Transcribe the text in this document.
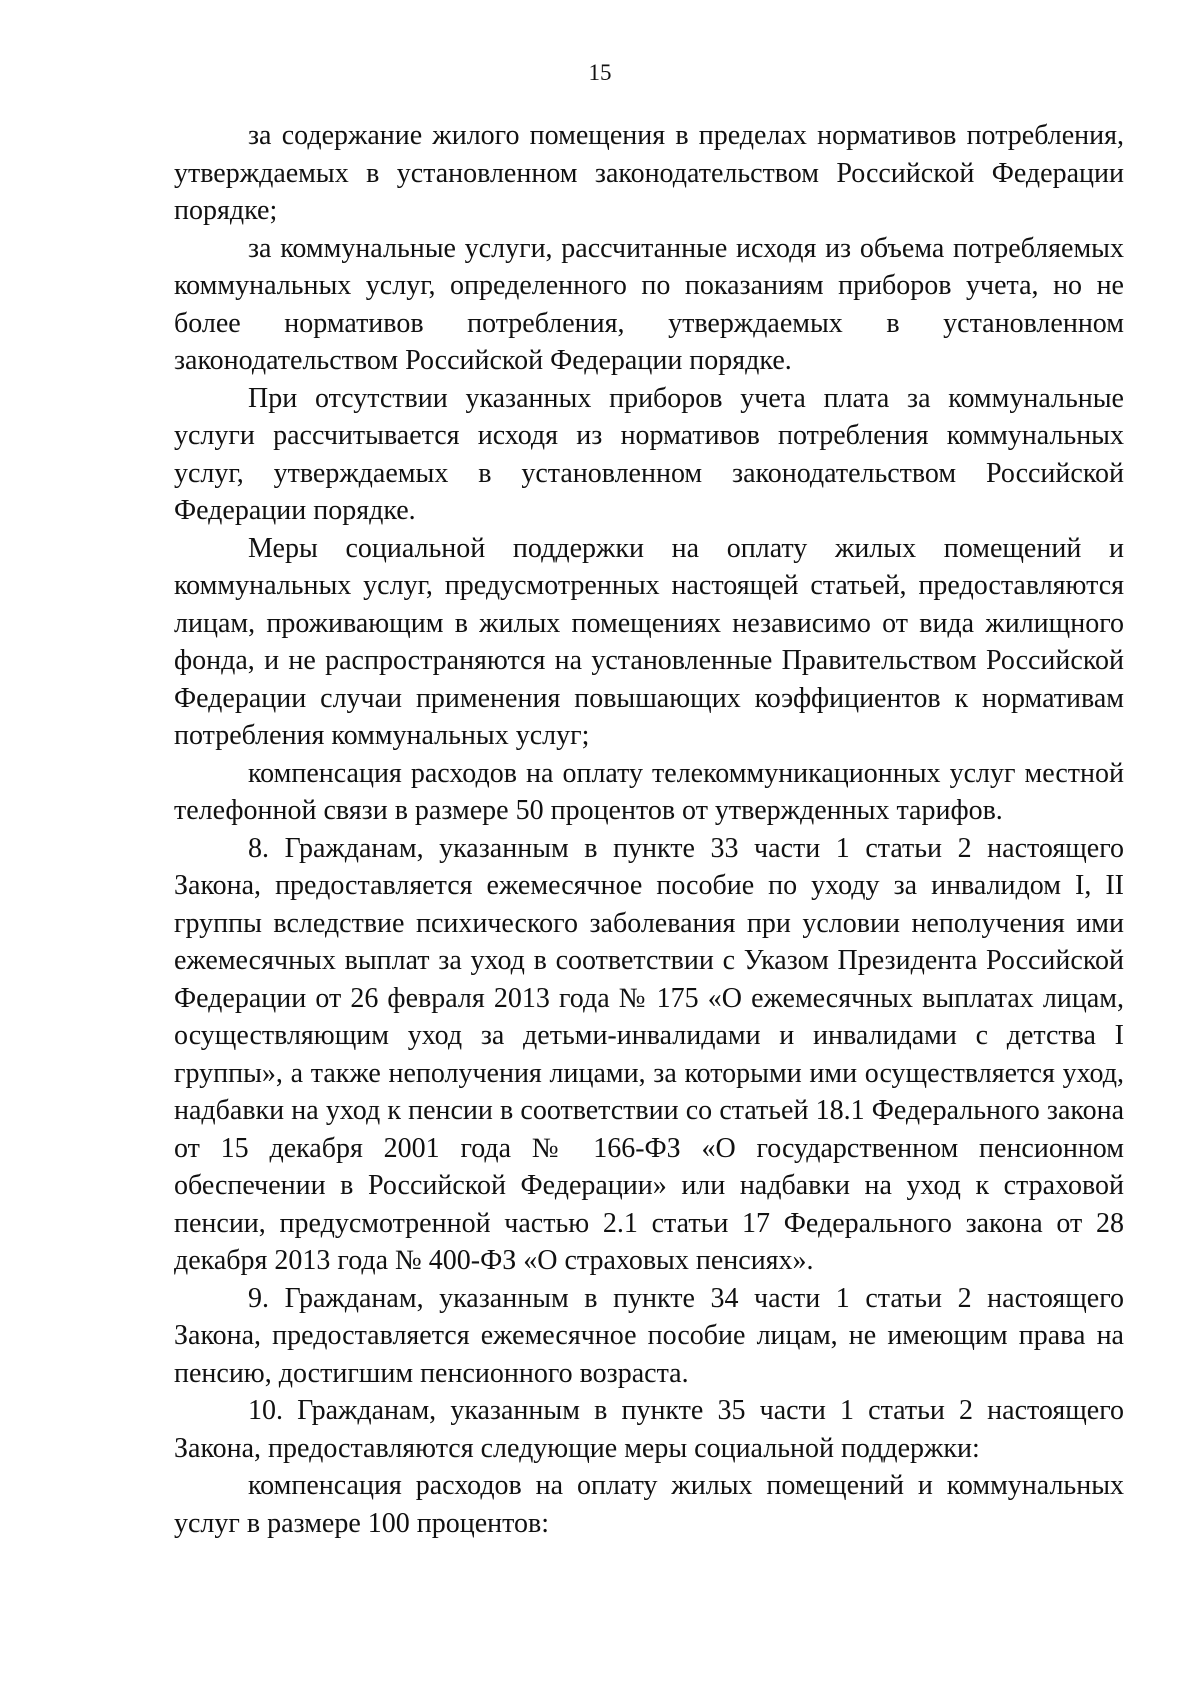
15

за содержание жилого помещения в пределах нормативов потребления, утверждаемых в установленном законодательством Российской Федерации порядке;

за коммунальные услуги, рассчитанные исходя из объема потребляемых коммунальных услуг, определенного по показаниям приборов учета, но не более нормативов потребления, утверждаемых в установленном законодательством Российской Федерации порядке.

При отсутствии указанных приборов учета плата за коммунальные услуги рассчитывается исходя из нормативов потребления коммунальных услуг, утверждаемых в установленном законодательством Российской Федерации порядке.

Меры социальной поддержки на оплату жилых помещений и коммунальных услуг, предусмотренных настоящей статьей, предоставляются лицам, проживающим в жилых помещениях независимо от вида жилищного фонда, и не распространяются на установленные Правительством Российской Федерации случаи применения повышающих коэффициентов к нормативам потребления коммунальных услуг;

компенсация расходов на оплату телекоммуникационных услуг местной телефонной связи в размере 50 процентов от утвержденных тарифов.

8. Гражданам, указанным в пункте 33 части 1 статьи 2 настоящего Закона, предоставляется ежемесячное пособие по уходу за инвалидом I, II группы вследствие психического заболевания при условии неполучения ими ежемесячных выплат за уход в соответствии с Указом Президента Российской Федерации от 26 февраля 2013 года № 175 «О ежемесячных выплатах лицам, осуществляющим уход за детьми-инвалидами и инвалидами с детства I группы», а также неполучения лицами, за которыми ими осуществляется уход, надбавки на уход к пенсии в соответствии со статьей 18.1 Федерального закона от 15 декабря 2001 года № 166-ФЗ «О государственном пенсионном обеспечении в Российской Федерации» или надбавки на уход к страховой пенсии, предусмотренной частью 2.1 статьи 17 Федерального закона от 28 декабря 2013 года № 400-ФЗ «О страховых пенсиях».

9. Гражданам, указанным в пункте 34 части 1 статьи 2 настоящего Закона, предоставляется ежемесячное пособие лицам, не имеющим права на пенсию, достигшим пенсионного возраста.

10. Гражданам, указанным в пункте 35 части 1 статьи 2 настоящего Закона, предоставляются следующие меры социальной поддержки:

компенсация расходов на оплату жилых помещений и коммунальных услуг в размере 100 процентов:
